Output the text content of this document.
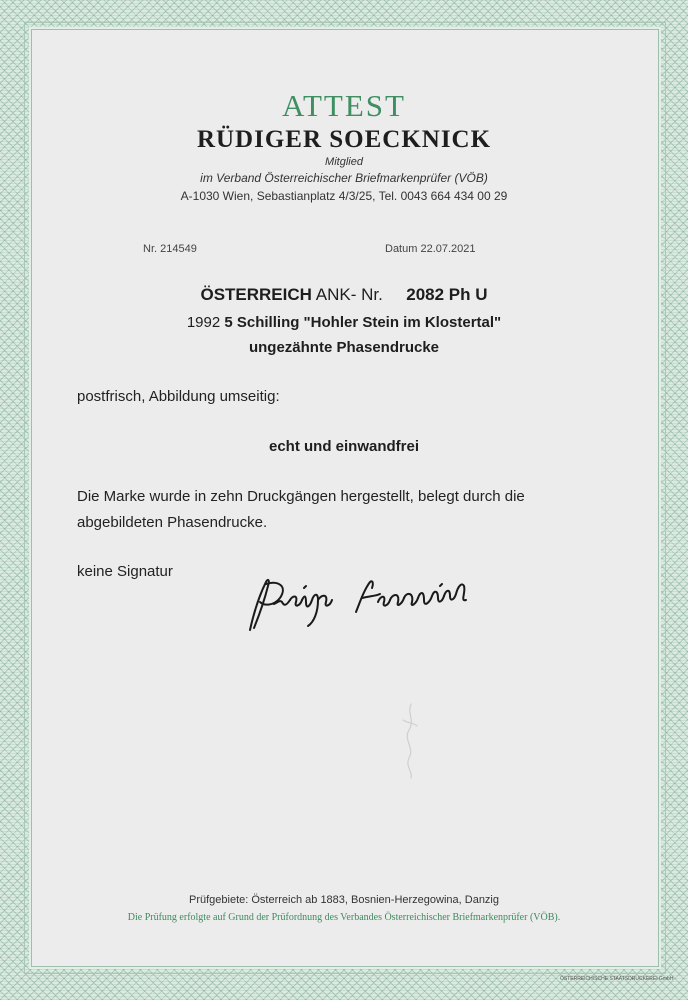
ATTEST
RÜDIGER SOECKNICK
Mitglied
im Verband Österreichischer Briefmarkenprüfer (VÖB)
A-1030 Wien, Sebastianplatz 4/3/25, Tel. 0043 664 434 00 29
Nr. 214549	Datum 22.07.2021
ÖSTERREICH ANK- Nr. 2082 Ph U
1992 5 Schilling "Hohler Stein im Klostertal"
ungezähnte Phasendrucke
postfrisch, Abbildung umseitig:
echt und einwandfrei
Die Marke wurde in zehn Druckgängen hergestellt, belegt durch die
abgebildeten Phasendrucke.
keine Signatur
Prüfgebiete: Österreich ab 1883, Bosnien-Herzegowina, Danzig
Die Prüfung erfolgte auf Grund der Prüfordnung des Verbandes Österreichischer Briefmarkenprüfer (VÖB).
ÖSTERREICHISCHE STAATSDRUCKEREI GmbH
